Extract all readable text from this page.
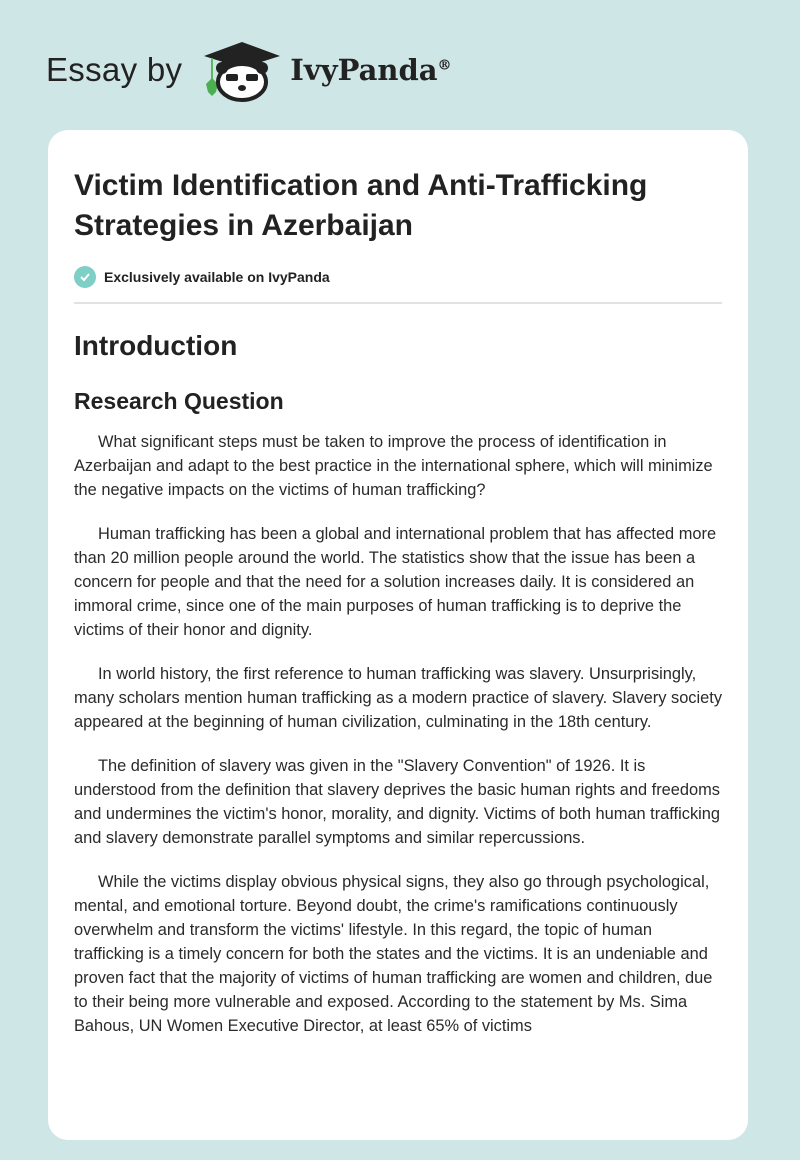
Essay by	IvyPanda®
Victim Identification and Anti-Trafficking Strategies in Azerbaijan
Exclusively available on IvyPanda
Introduction
Research Question

What significant steps must be taken to improve the process of identification in Azerbaijan and adapt to the best practice in the international sphere, which will minimize the negative impacts on the victims of human trafficking?

Human trafficking has been a global and international problem that has affected more than 20 million people around the world. The statistics show that the issue has been a concern for people and that the need for a solution increases daily. It is considered an immoral crime, since one of the main purposes of human trafficking is to deprive the victims of their honor and dignity.

In world history, the first reference to human trafficking was slavery. Unsurprisingly, many scholars mention human trafficking as a modern practice of slavery. Slavery society appeared at the beginning of human civilization, culminating in the 18th century.

The definition of slavery was given in the "Slavery Convention" of 1926. It is understood from the definition that slavery deprives the basic human rights and freedoms and undermines the victim's honor, morality, and dignity. Victims of both human trafficking and slavery demonstrate parallel symptoms and similar repercussions.

While the victims display obvious physical signs, they also go through psychological, mental, and emotional torture. Beyond doubt, the crime's ramifications continuously overwhelm and transform the victims' lifestyle. In this regard, the topic of human trafficking is a timely concern for both the states and the victims. It is an undeniable and proven fact that the majority of victims of human trafficking are women and children, due to their being more vulnerable and exposed. According to the statement by Ms. Sima Bahous, UN Women Executive Director, at least 65% of victims
